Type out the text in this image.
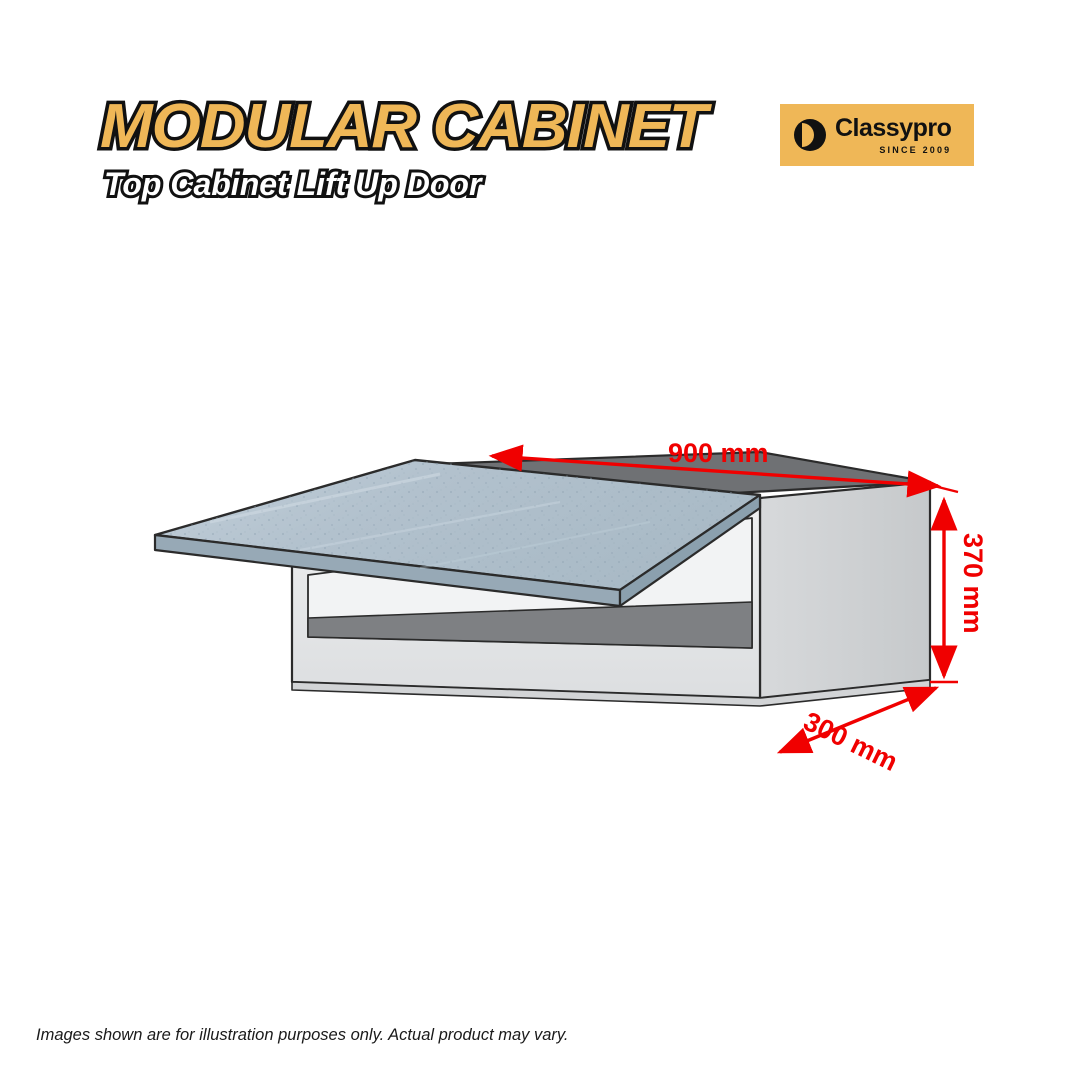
MODULAR CABINET
Top Cabinet Lift Up Door
Classypro
SINCE 2009
900 mm
370 mm
300 mm
Images shown are for illustration purposes only. Actual product may vary.
